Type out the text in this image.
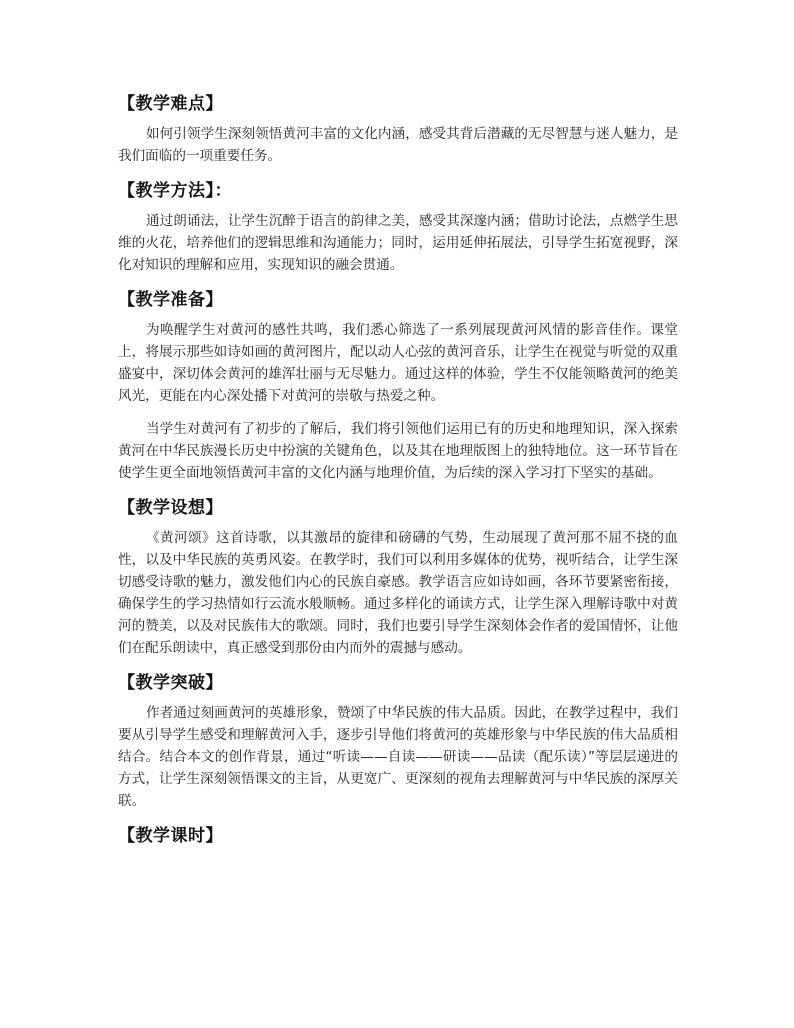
【教学难点】

如何引领学生深刻领悟黄河丰富的文化内涵，感受其背后潜藏的无尽智慧与迷人魅力，是我们面临的一项重要任务。

【教学方法】：

通过朗诵法，让学生沉醉于语言的韵律之美，感受其深邃内涵；借助讨论法，点燃学生思维的火花，培养他们的逻辑思维和沟通能力；同时，运用延伸拓展法，引导学生拓宽视野，深化对知识的理解和应用，实现知识的融会贯通。

【教学准备】

为唤醒学生对黄河的感性共鸣，我们悉心筛选了一系列展现黄河风情的影音佳作。课堂上，将展示那些如诗如画的黄河图片，配以动人心弦的黄河音乐，让学生在视觉与听觉的双重盛宴中，深切体会黄河的雄浑壮丽与无尽魅力。通过这样的体验，学生不仅能领略黄河的绝美风光，更能在内心深处播下对黄河的崇敬与热爱之种。

当学生对黄河有了初步的了解后，我们将引领他们运用已有的历史和地理知识，深入探索黄河在中华民族漫长历史中扮演的关键角色，以及其在地理版图上的独特地位。这一环节旨在使学生更全面地领悟黄河丰富的文化内涵与地理价值，为后续的深入学习打下坚实的基础。

【教学设想】

《黄河颂》这首诗歌，以其激昂的旋律和磅礴的气势，生动展现了黄河那不屈不挠的血性，以及中华民族的英勇风姿。在教学时，我们可以利用多媒体的优势，视听结合，让学生深切感受诗歌的魅力，激发他们内心的民族自豪感。教学语言应如诗如画，各环节要紧密衔接，确保学生的学习热情如行云流水般顺畅。通过多样化的诵读方式，让学生深入理解诗歌中对黄河的赞美，以及对民族伟大的歌颂。同时，我们也要引导学生深刻体会作者的爱国情怀，让他们在配乐朗读中，真正感受到那份由内而外的震撼与感动。

【教学突破】

作者通过刻画黄河的英雄形象，赞颂了中华民族的伟大品质。因此，在教学过程中，我们要从引导学生感受和理解黄河入手，逐步引导他们将黄河的英雄形象与中华民族的伟大品质相结合。结合本文的创作背景，通过“听读——自读——研读——品读（配乐读）”等层层递进的方式，让学生深刻领悟课文的主旨，从更宽广、更深刻的视角去理解黄河与中华民族的深厚关联。

【教学课时】
